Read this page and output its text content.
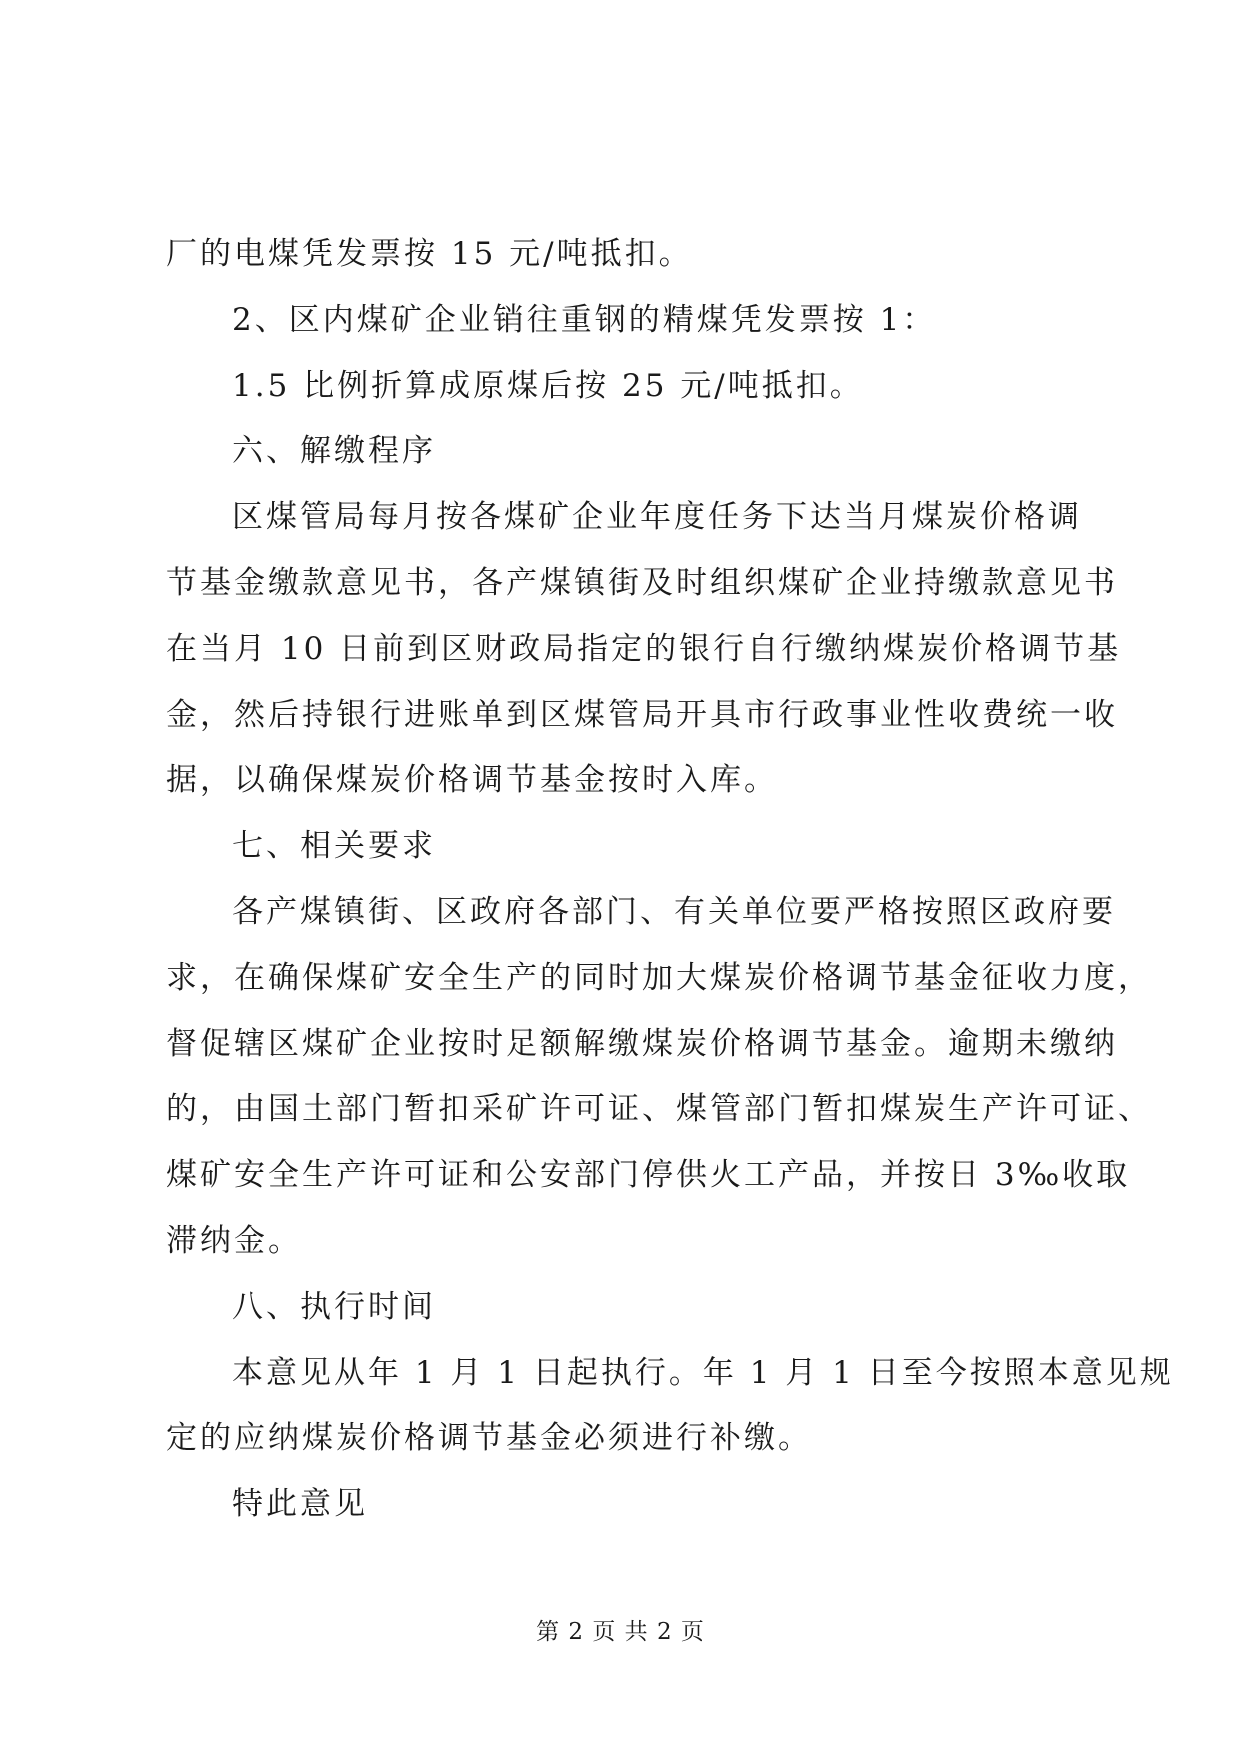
厂的电煤凭发票按 15 元/吨抵扣。
2、区内煤矿企业销往重钢的精煤凭发票按 1：
1.5 比例折算成原煤后按 25 元/吨抵扣。
六、解缴程序
区煤管局每月按各煤矿企业年度任务下达当月煤炭价格调
节基金缴款意见书，各产煤镇街及时组织煤矿企业持缴款意见书
在当月 10 日前到区财政局指定的银行自行缴纳煤炭价格调节基
金，然后持银行进账单到区煤管局开具市行政事业性收费统一收
据，以确保煤炭价格调节基金按时入库。
七、相关要求
各产煤镇街、区政府各部门、有关单位要严格按照区政府要
求，在确保煤矿安全生产的同时加大煤炭价格调节基金征收力度，
督促辖区煤矿企业按时足额解缴煤炭价格调节基金。逾期未缴纳
的，由国土部门暂扣采矿许可证、煤管部门暂扣煤炭生产许可证、
煤矿安全生产许可证和公安部门停供火工产品，并按日 3‰收取
滞纳金。
八、执行时间
本意见从年 1 月 1 日起执行。年 1 月 1 日至今按照本意见规
定的应纳煤炭价格调节基金必须进行补缴。
特此意见
第 2 页 共 2 页
